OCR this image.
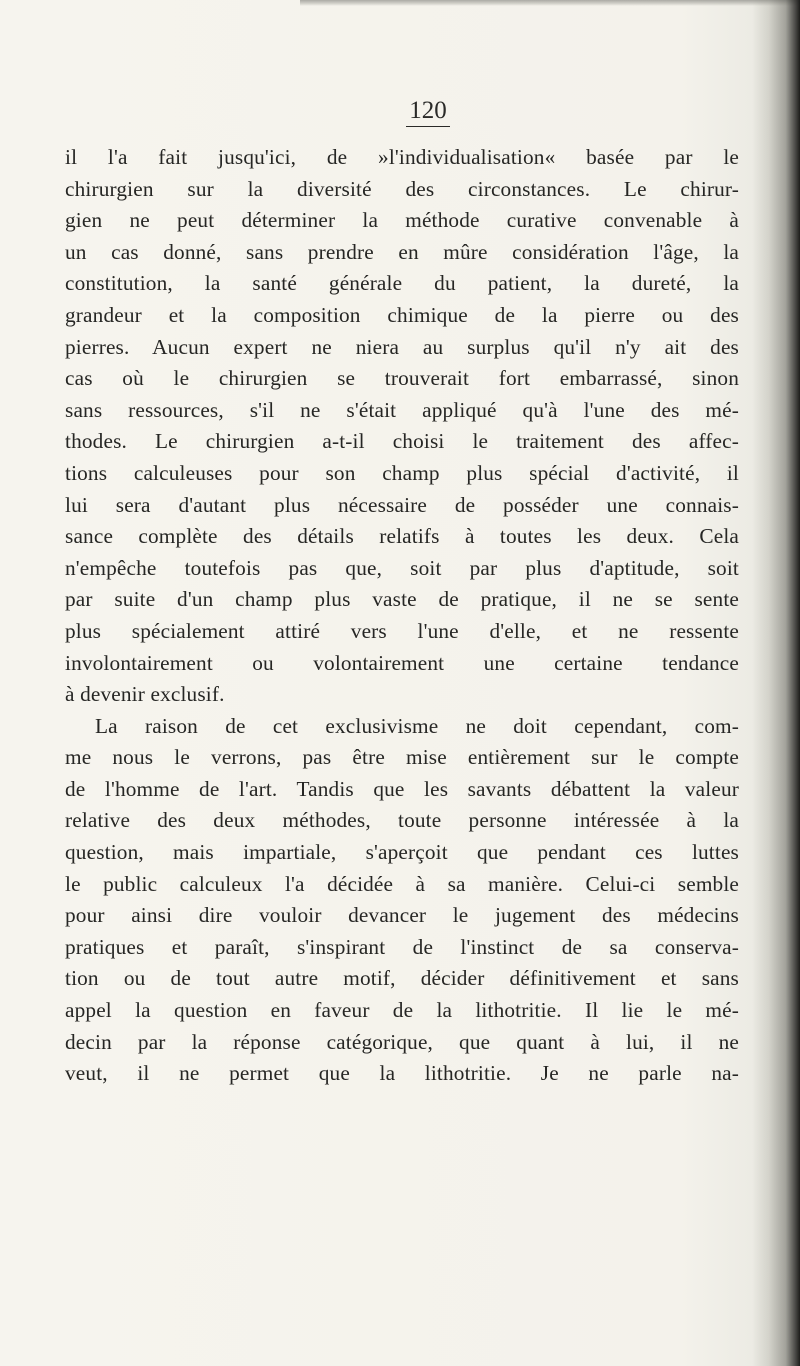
120
il l'a fait jusqu'ici, de »l'individualisation« basée par le
chirurgien sur la diversité des circonstances. Le chirur-
gien ne peut déterminer la méthode curative convenable à
un cas donné, sans prendre en mûre considération l'âge, la
constitution, la santé générale du patient, la dureté, la
grandeur et la composition chimique de la pierre ou des
pierres. Aucun expert ne niera au surplus qu'il n'y ait des
cas où le chirurgien se trouverait fort embarrassé, sinon
sans ressources, s'il ne s'était appliqué qu'à l'une des mé-
thodes. Le chirurgien a-t-il choisi le traitement des affec-
tions calculeuses pour son champ plus spécial d'activité, il
lui sera d'autant plus nécessaire de posséder une connais-
sance complète des détails relatifs à toutes les deux. Cela
n'empêche toutefois pas que, soit par plus d'aptitude, soit
par suite d'un champ plus vaste de pratique, il ne se sente
plus spécialement attiré vers l'une d'elle, et ne ressente
involontairement ou volontairement une certaine tendance
à devenir exclusif.
La raison de cet exclusivisme ne doit cependant, com-
me nous le verrons, pas être mise entièrement sur le compte
de l'homme de l'art. Tandis que les savants débattent la valeur
relative des deux méthodes, toute personne intéressée à la
question, mais impartiale, s'aperçoit que pendant ces luttes
le public calculeux l'a décidée à sa manière. Celui-ci semble
pour ainsi dire vouloir devancer le jugement des médecins
pratiques et paraît, s'inspirant de l'instinct de sa conserva-
tion ou de tout autre motif, décider définitivement et sans
appel la question en faveur de la lithotritie. Il lie le mé-
decin par la réponse catégorique, que quant à lui, il ne
veut, il ne permet que la lithotritie. Je ne parle na-
